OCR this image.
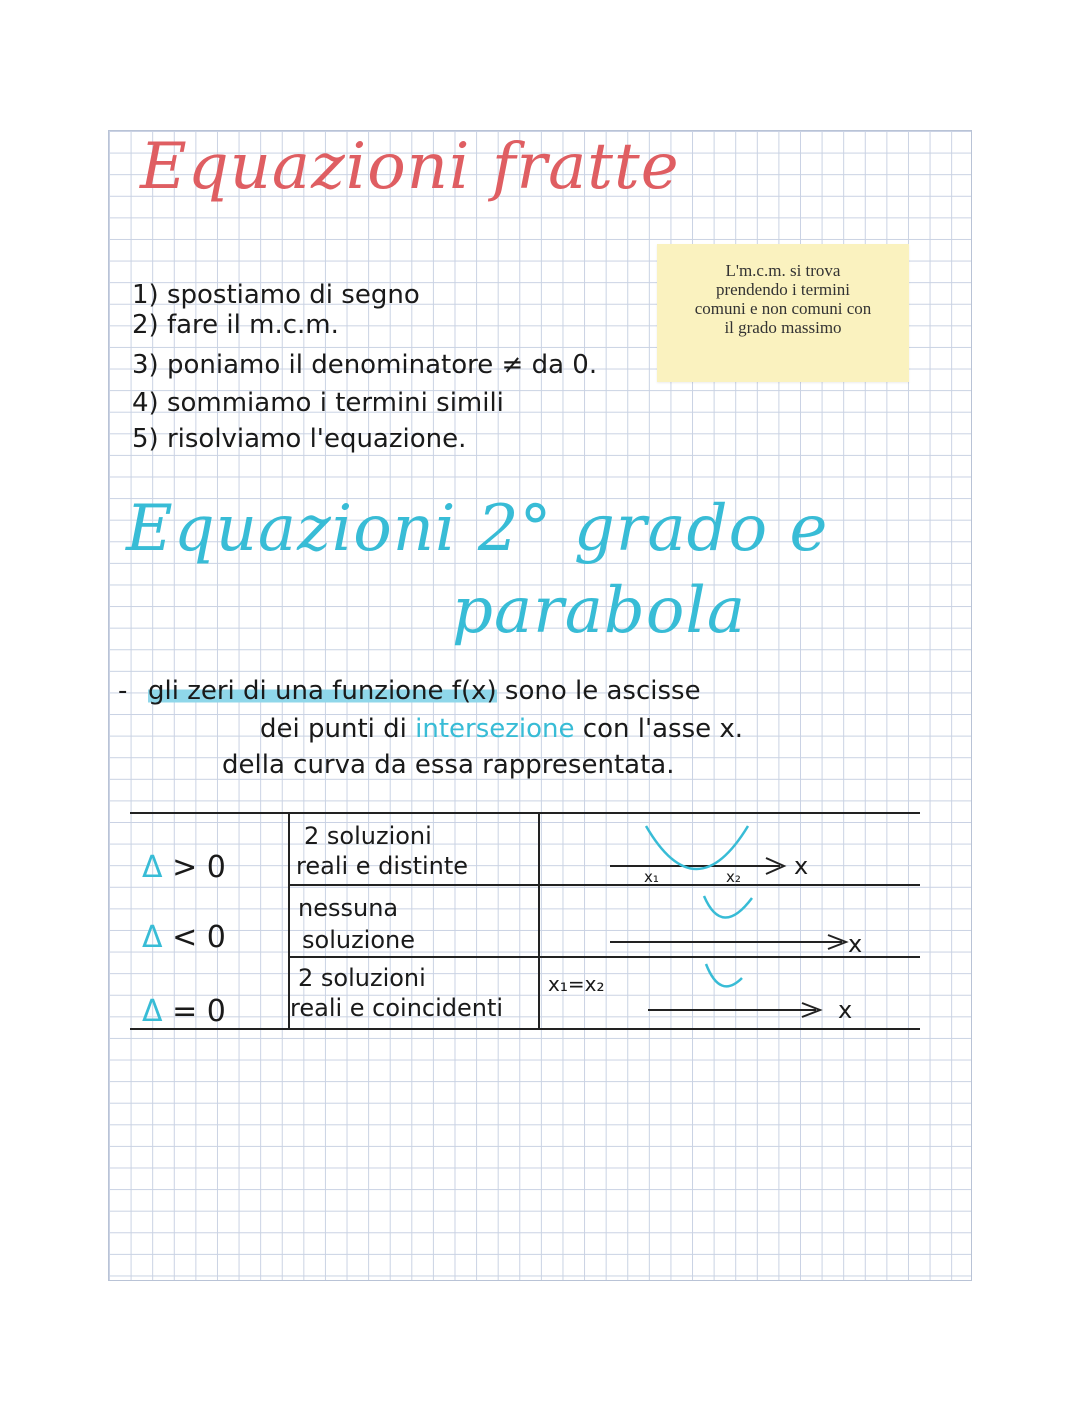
Equazioni fratte
1) spostiamo di segno
2) fare il m.c.m.
3) poniamo il denominatore ≠ da 0.
4) sommiamo i termini simili
5) risolviamo l'equazione.
L'm.c.m. si trova
prendendo i termini
comuni e non comuni con
il grado massimo
Equazioni 2° grado e
parabola
- gli zeri di una funzione f(x) sono le ascisse
dei punti di intersezione con l'asse x.
della curva da essa rappresentata.
Δ > 0
2 soluzioni
reali e distinte
Δ < 0
nessuna
soluzione
Δ = 0
2 soluzioni
reali e coincidenti
x₁=x₂
x₁	x₂ x
x
x
